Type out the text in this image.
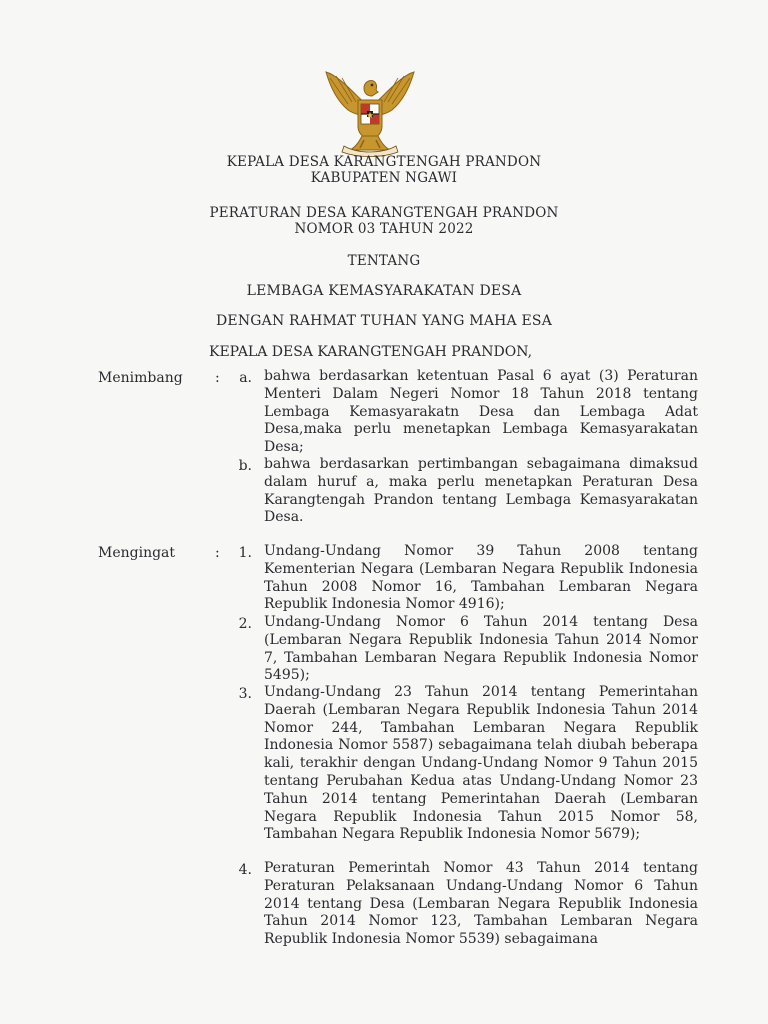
KEPALA DESA KARANGTENGAH PRANDON
KABUPATEN NGAWI
PERATURAN DESA KARANGTENGAH PRANDON
NOMOR 03 TAHUN 2022
TENTANG
LEMBAGA KEMASYARAKATAN DESA
DENGAN RAHMAT TUHAN YANG MAHA ESA
KEPALA DESA KARANGTENGAH PRANDON,
Menimbang :	a. bahwa berdasarkan ketentuan Pasal 6 ayat (3) Peraturan Menteri Dalam Negeri Nomor 18 Tahun 2018 tentang Lembaga Kemasyarakatn Desa dan Lembaga Adat Desa,maka perlu menetapkan Lembaga Kemasyarakatan Desa;
b. bahwa berdasarkan pertimbangan sebagaimana dimaksud dalam huruf a, maka perlu menetapkan Peraturan Desa Karangtengah Prandon tentang Lembaga Kemasyarakatan Desa.
Mengingat	:	1. Undang-Undang Nomor 39 Tahun 2008 tentang Kementerian Negara (Lembaran Negara Republik Indonesia Tahun 2008 Nomor 16, Tambahan Lembaran Negara Republik Indonesia Nomor 4916);
2. Undang-Undang Nomor 6 Tahun 2014 tentang Desa (Lembaran Negara Republik Indonesia Tahun 2014 Nomor 7, Tambahan Lembaran Negara Republik Indonesia Nomor 5495);
3. Undang-Undang 23 Tahun 2014 tentang Pemerintahan Daerah (Lembaran Negara Republik Indonesia Tahun 2014 Nomor 244, Tambahan Lembaran Negara Republik Indonesia Nomor 5587) sebagaimana telah diubah beberapa kali, terakhir dengan Undang-Undang Nomor 9 Tahun 2015 tentang Perubahan Kedua atas Undang-Undang Nomor 23 Tahun 2014 tentang Pemerintahan Daerah (Lembaran Negara Republik Indonesia Tahun 2015 Nomor 58, Tambahan Negara Republik Indonesia Nomor 5679);
4. Peraturan Pemerintah Nomor 43 Tahun 2014 tentang Peraturan Pelaksanaan Undang-Undang Nomor 6 Tahun 2014 tentang Desa (Lembaran Negara Republik Indonesia Tahun 2014 Nomor 123, Tambahan Lembaran Negara Republik Indonesia Nomor 5539) sebagaimana
